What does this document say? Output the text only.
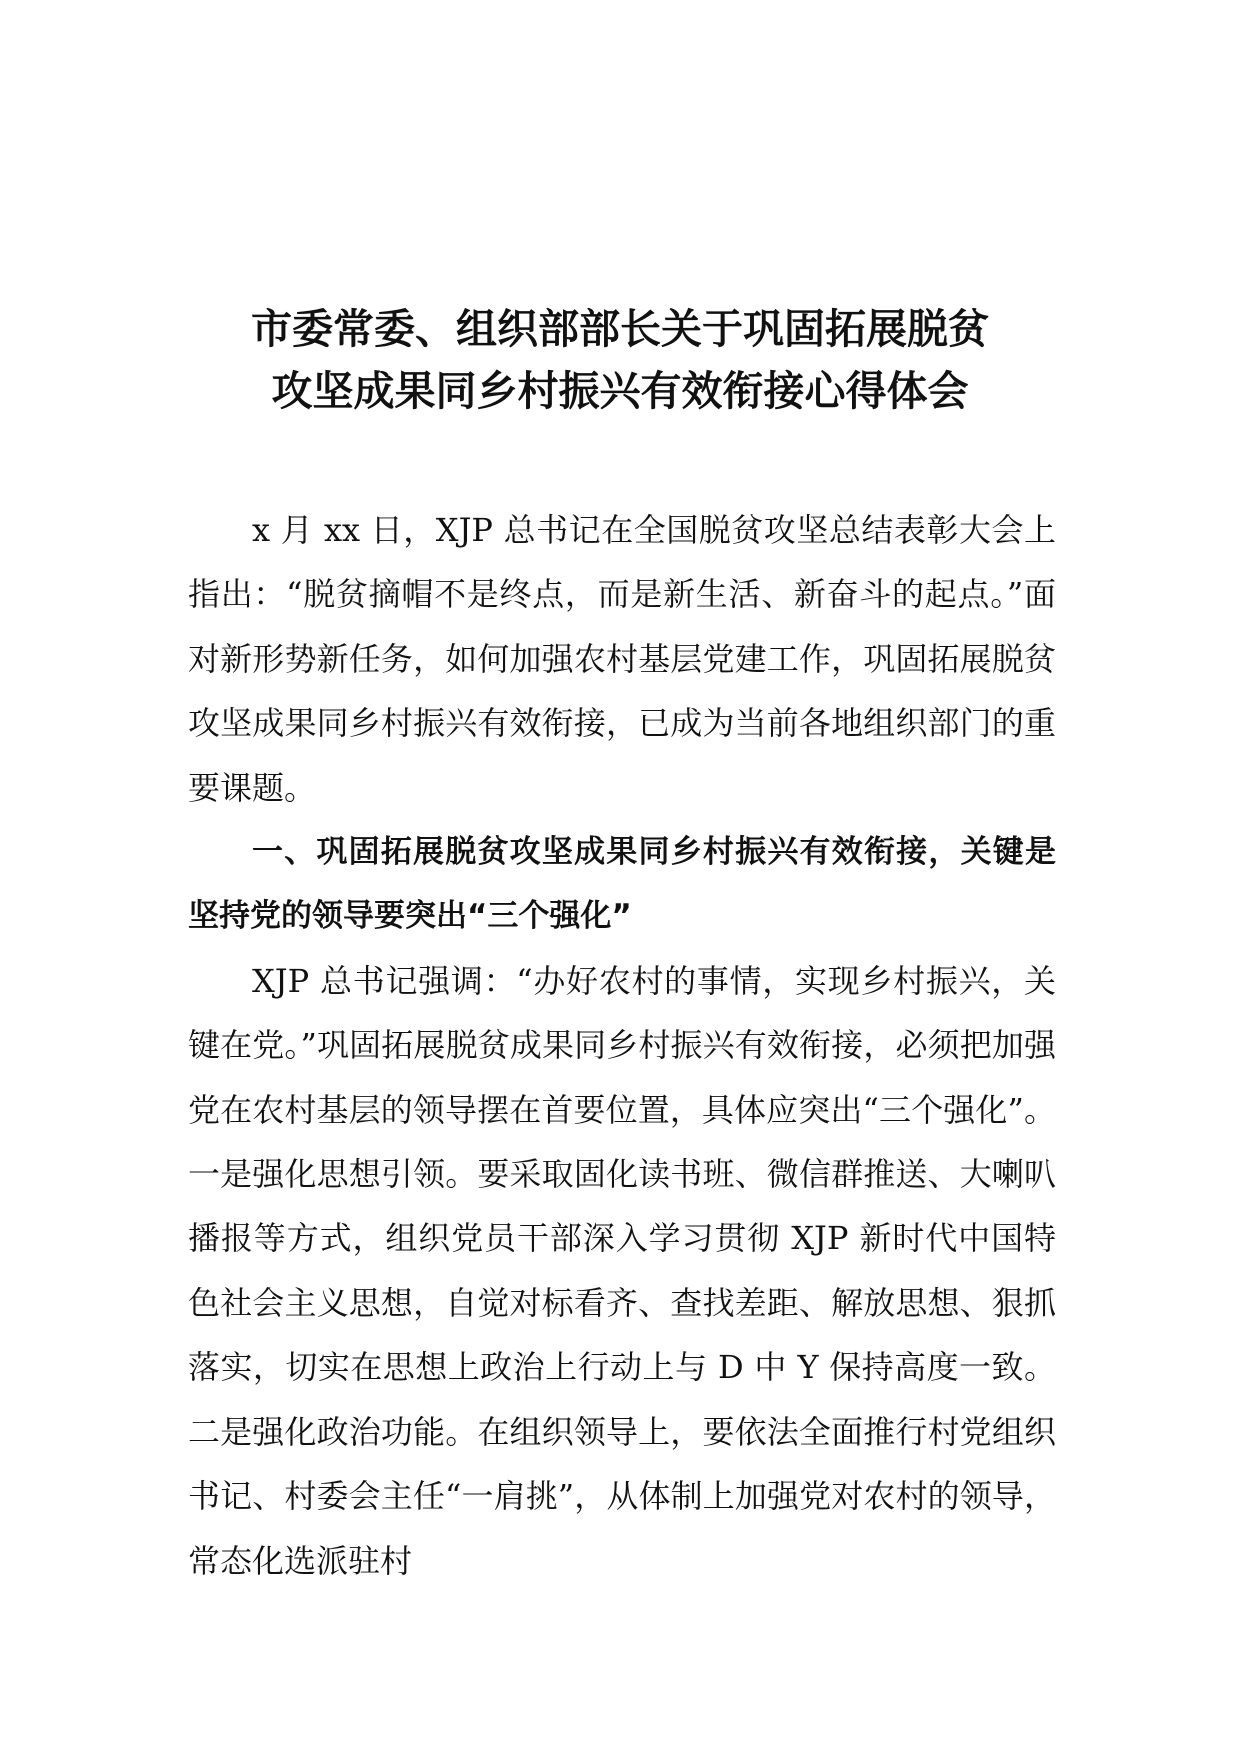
市委常委、组织部部长关于巩固拓展脱贫
攻坚成果同乡村振兴有效衔接心得体会

x 月 xx 日，XJP 总书记在全国脱贫攻坚总结表彰大会上指出：“脱贫摘帽不是终点，而是新生活、新奋斗的起点。”面对新形势新任务，如何加强农村基层党建工作，巩固拓展脱贫攻坚成果同乡村振兴有效衔接，已成为当前各地组织部门的重要课题。

一、巩固拓展脱贫攻坚成果同乡村振兴有效衔接，关键是坚持党的领导要突出“三个强化”

XJP 总书记强调：“办好农村的事情，实现乡村振兴，关键在党。”巩固拓展脱贫成果同乡村振兴有效衔接，必须把加强党在农村基层的领导摆在首要位置，具体应突出“三个强化”。一是强化思想引领。要采取固化读书班、微信群推送、大喇叭播报等方式，组织党员干部深入学习贯彻 XJP 新时代中国特色社会主义思想，自觉对标看齐、查找差距、解放思想、狠抓落实，切实在思想上政治上行动上与 D 中 Y 保持高度一致。二是强化政治功能。在组织领导上，要依法全面推行村党组织书记、村委会主任“一肩挑”，从体制上加强党对农村的领导，常态化选派驻村
